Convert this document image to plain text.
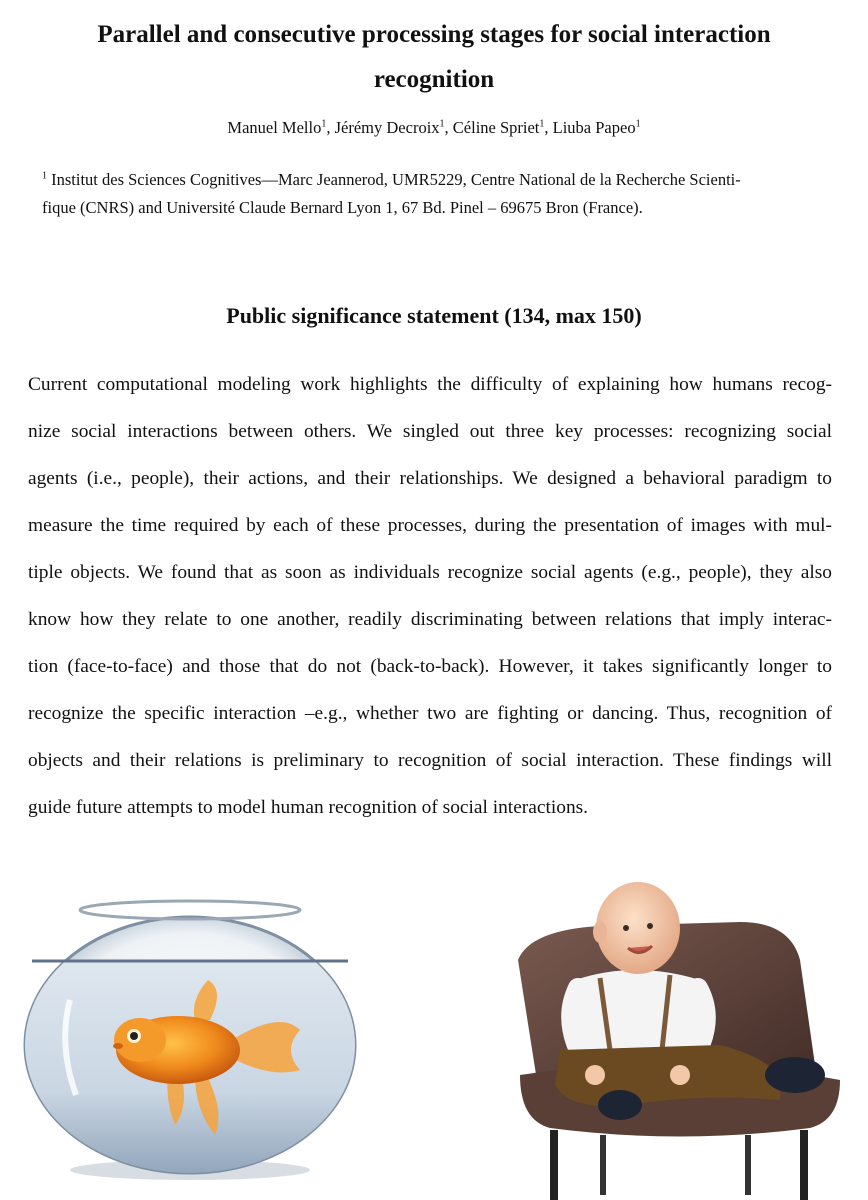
Parallel and consecutive processing stages for social interaction recognition
Manuel Mello$^1$, Jérémy Decroix$^1$, Céline Spriet$^1$, Liuba Papeo$^1$
$^1$ Institut des Sciences Cognitives—Marc Jeannerod, UMR5229, Centre National de la Recherche Scienti-
fique (CNRS) and Université Claude Bernard Lyon 1, 67 Bd. Pinel – 69675 Bron (France).
Public significance statement (134, max 150)
Current computational modeling work highlights the difficulty of explaining how humans recog-
nize social interactions between others. We singled out three key processes: recognizing social
agents (i.e., people), their actions, and their relationships. We designed a behavioral paradigm to
measure the time required by each of these processes, during the presentation of images with mul-
tiple objects. We found that as soon as individuals recognize social agents (e.g., people), they also
know how they relate to one another, readily discriminating between relations that imply interac-
tion (face-to-face) and those that do not (back-to-back). However, it takes significantly longer to
recognize the specific interaction –e.g., whether two are fighting or dancing. Thus, recognition of
objects and their relations is preliminary to recognition of social interaction. These findings will
guide future attempts to model human recognition of social interactions.
